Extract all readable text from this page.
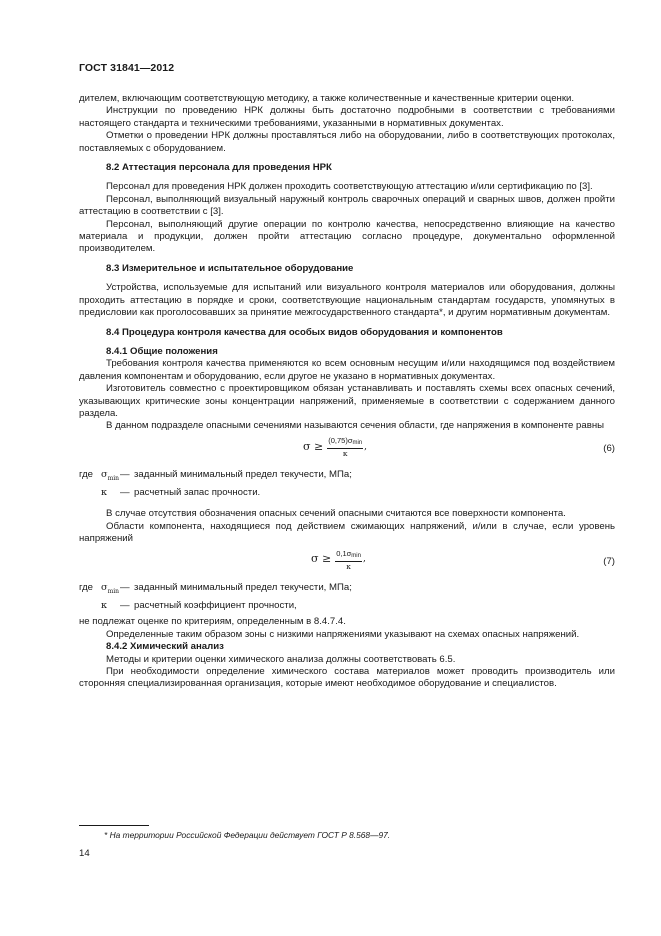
ГОСТ 31841—2012

дителем, включающим соответствующую методику, а также количественные и качественные критерии оценки.

Инструкции по проведению НРК должны быть достаточно подробными в соответствии с требованиями настоящего стандарта и техническими требованиями, указанными в нормативных документах.

Отметки о проведении НРК должны проставляться либо на оборудовании, либо в соответствующих протоколах, поставляемых с оборудованием.

8.2 Аттестация персонала для проведения НРК

Персонал для проведения НРК должен проходить соответствующую аттестацию и/или сертификацию по [3].

Персонал, выполняющий визуальный наружный контроль сварочных операций и сварных швов, должен пройти аттестацию в соответствии с [3].

Персонал, выполняющий другие операции по контролю качества, непосредственно влияющие на качество материала и продукции, должен пройти аттестацию согласно процедуре, документально оформленной производителем.

8.3 Измерительное и испытательное оборудование

Устройства, используемые для испытаний или визуального контроля материалов или оборудования, должны проходить аттестацию в порядке и сроки, соответствующие национальным стандартам государств, упомянутых в предисловии как проголосовавших за принятие межгосударственного стандарта*, и другим нормативным документам.

8.4 Процедура контроля качества для особых видов оборудования и компонентов

8.4.1 Общие положения

Требования контроля качества применяются ко всем основным несущим и/или находящимся под воздействием давления компонентам и оборудованию, если другое не указано в нормативных документах.

Изготовитель совместно с проектировщиком обязан устанавливать и поставлять схемы всех опасных сечений, указывающих критические зоны концентрации напряжений, применяемые в соответствии с содержанием данного раздела.

В данном подразделе опасными сечениями называются сечения области, где напряжения в компоненте равны

$\sigma \ge \frac{(0,75)\sigma_{min}}{\kappa}$ ,	(6)
где $\sigma_{min}$ — заданный минимальный предел текучести, МПа;
κ	— расчетный запас прочности.

В случае отсутствия обозначения опасных сечений опасными считаются все поверхности компонента.

Области компонента, находящиеся под действием сжимающих напряжений, и/или в случае, если уровень напряжений

$\sigma \ge \frac{0,1\sigma_{min}}{\kappa}$ ,	(7)
где $\sigma_{min}$ — заданный минимальный предел текучести, МПа;
κ	— расчетный коэффициент прочности,

не подлежат оценке по критериям, определенным в 8.4.7.4.

Определенные таким образом зоны с низкими напряжениями указывают на схемах опасных напряжений.

8.4.2 Химический анализ

Методы и критерии оценки химического анализа должны соответствовать 6.5.

При необходимости определение химического состава материалов может проводить производитель или сторонняя специализированная организация, которые имеют необходимое оборудование и специалистов.

* На территории Российской Федерации действует ГОСТ Р 8.568—97.
14
